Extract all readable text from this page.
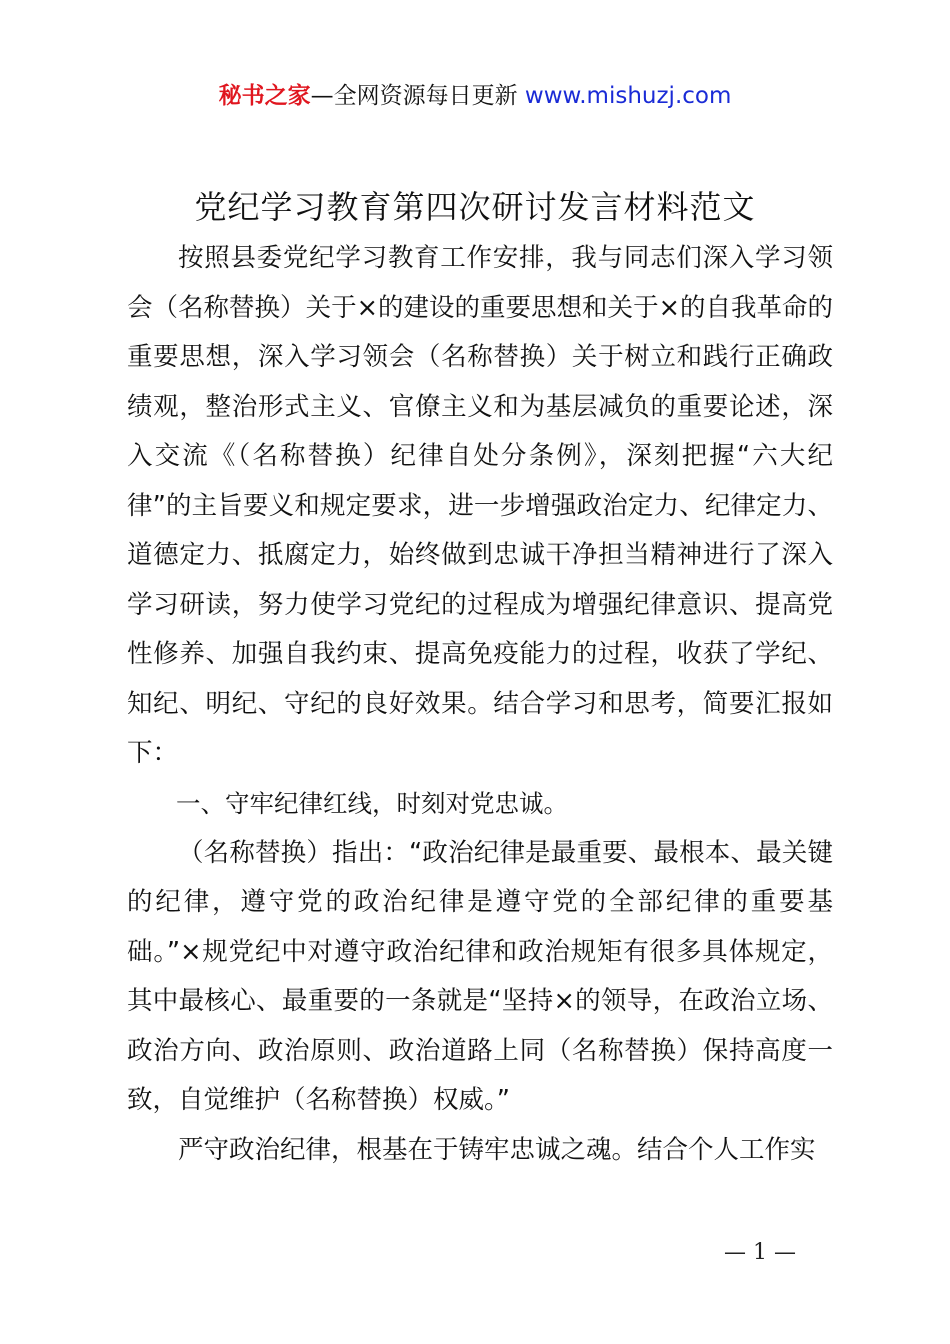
秘书之家—全网资源每日更新 www.mishuzj.com
党纪学习教育第四次研讨发言材料范文

按照县委党纪学习教育工作安排，我与同志们深入学习领会（名称替换）关于×的建设的重要思想和关于×的自我革命的重要思想，深入学习领会（名称替换）关于树立和践行正确政绩观，整治形式主义、官僚主义和为基层减负的重要论述，深入交流《（名称替换）纪律自处分条例》，深刻把握“六大纪律”的主旨要义和规定要求，进一步增强政治定力、纪律定力、道德定力、抵腐定力，始终做到忠诚干净担当精神进行了深入学习研读，努力使学习党纪的过程成为增强纪律意识、提高党性修养、加强自我约束、提高免疫能力的过程，收获了学纪、知纪、明纪、守纪的良好效果。结合学习和思考，简要汇报如下：

一、守牢纪律红线，时刻对党忠诚。

（名称替换）指出：“政治纪律是最重要、最根本、最关键的纪律，遵守党的政治纪律是遵守党的全部纪律的重要基础。”×规党纪中对遵守政治纪律和政治规矩有很多具体规定，其中最核心、最重要的一条就是“坚持×的领导，在政治立场、政治方向、政治原则、政治道路上同（名称替换）保持高度一致，自觉维护（名称替换）权威。”

严守政治纪律，根基在于铸牢忠诚之魂。结合个人工作实

— 1 —
